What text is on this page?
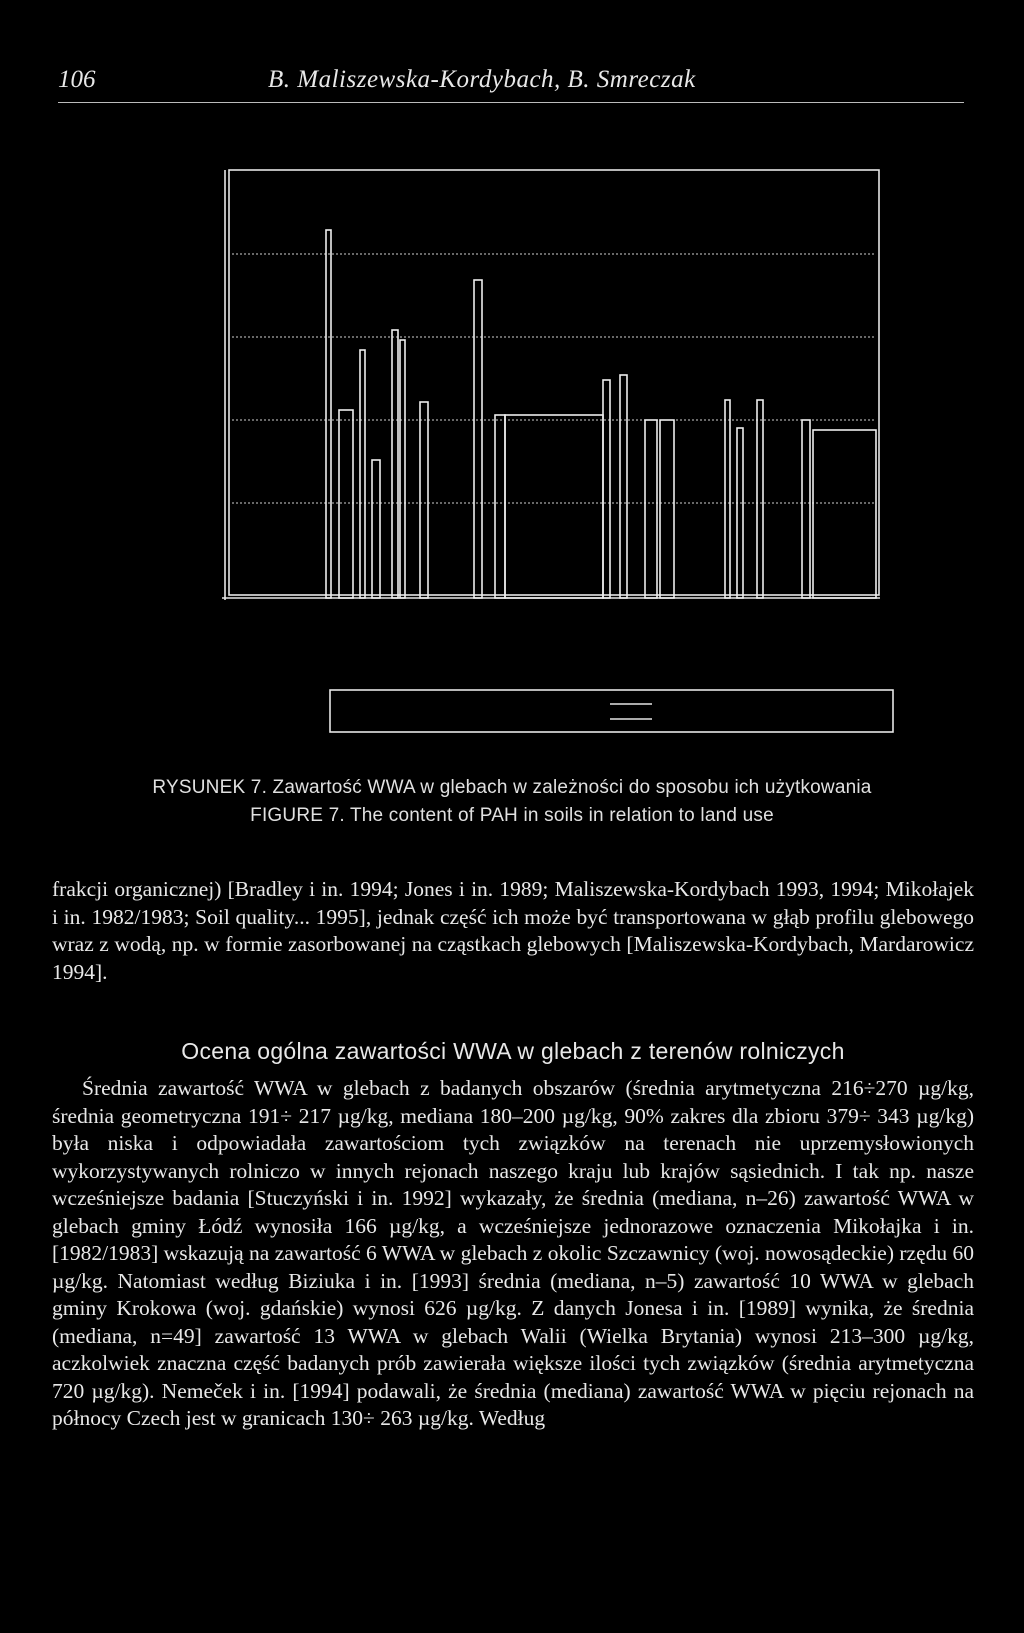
106	B. Maliszewska-Kordybach, B. Smreczak
RYSUNEK 7. Zawartość WWA w glebach w zależności do sposobu ich użytkowania
FIGURE 7. The content of PAH in soils in relation to land use
frakcji organicznej) [Bradley i in. 1994; Jones i in. 1989; Maliszewska-Kordybach 1993, 1994; Mikołajek i in. 1982/1983; Soil quality... 1995], jednak część ich może być transportowana w głąb profilu glebowego wraz z wodą, np. w formie zasorbowanej na cząstkach glebowych [Maliszewska-Kordybach, Mardarowicz 1994].
Ocena ogólna zawartości WWA w glebach z terenów rolniczych
Średnia zawartość WWA w glebach z badanych obszarów (średnia arytmetyczna 216÷270 µg/kg, średnia geometryczna 191÷ 217 µg/kg, mediana 180–200 µg/kg, 90% zakres dla zbioru 379÷ 343 µg/kg) była niska i odpowiadała zawartościom tych związków na terenach nie uprzemysłowionych wykorzystywanych rolniczo w innych rejonach naszego kraju lub krajów sąsiednich. I tak np. nasze wcześniejsze badania [Stuczyński i in. 1992] wykazały, że średnia (mediana, n–26) zawartość WWA w glebach gminy Łódź wynosiła 166 µg/kg, a wcześniejsze jednorazowe oznaczenia Mikołajka i in. [1982/1983] wskazują na zawartość 6 WWA w glebach z okolic Szczawnicy (woj. nowosądeckie) rzędu 60 µg/kg. Natomiast według Biziuka i in. [1993] średnia (mediana, n–5) zawartość 10 WWA w glebach gminy Krokowa (woj. gdańskie) wynosi 626 µg/kg. Z danych Jonesa i in. [1989] wynika, że średnia (mediana, n=49] zawartość 13 WWA w glebach Walii (Wielka Brytania) wynosi 213–300 µg/kg, aczkolwiek znaczna część badanych prób zawierała większe ilości tych związków (średnia arytmetyczna 720 µg/kg). Nemeček i in. [1994] podawali, że średnia (mediana) zawartość WWA w pięciu rejonach na północy Czech jest w granicach 130÷ 263 µg/kg. Według
